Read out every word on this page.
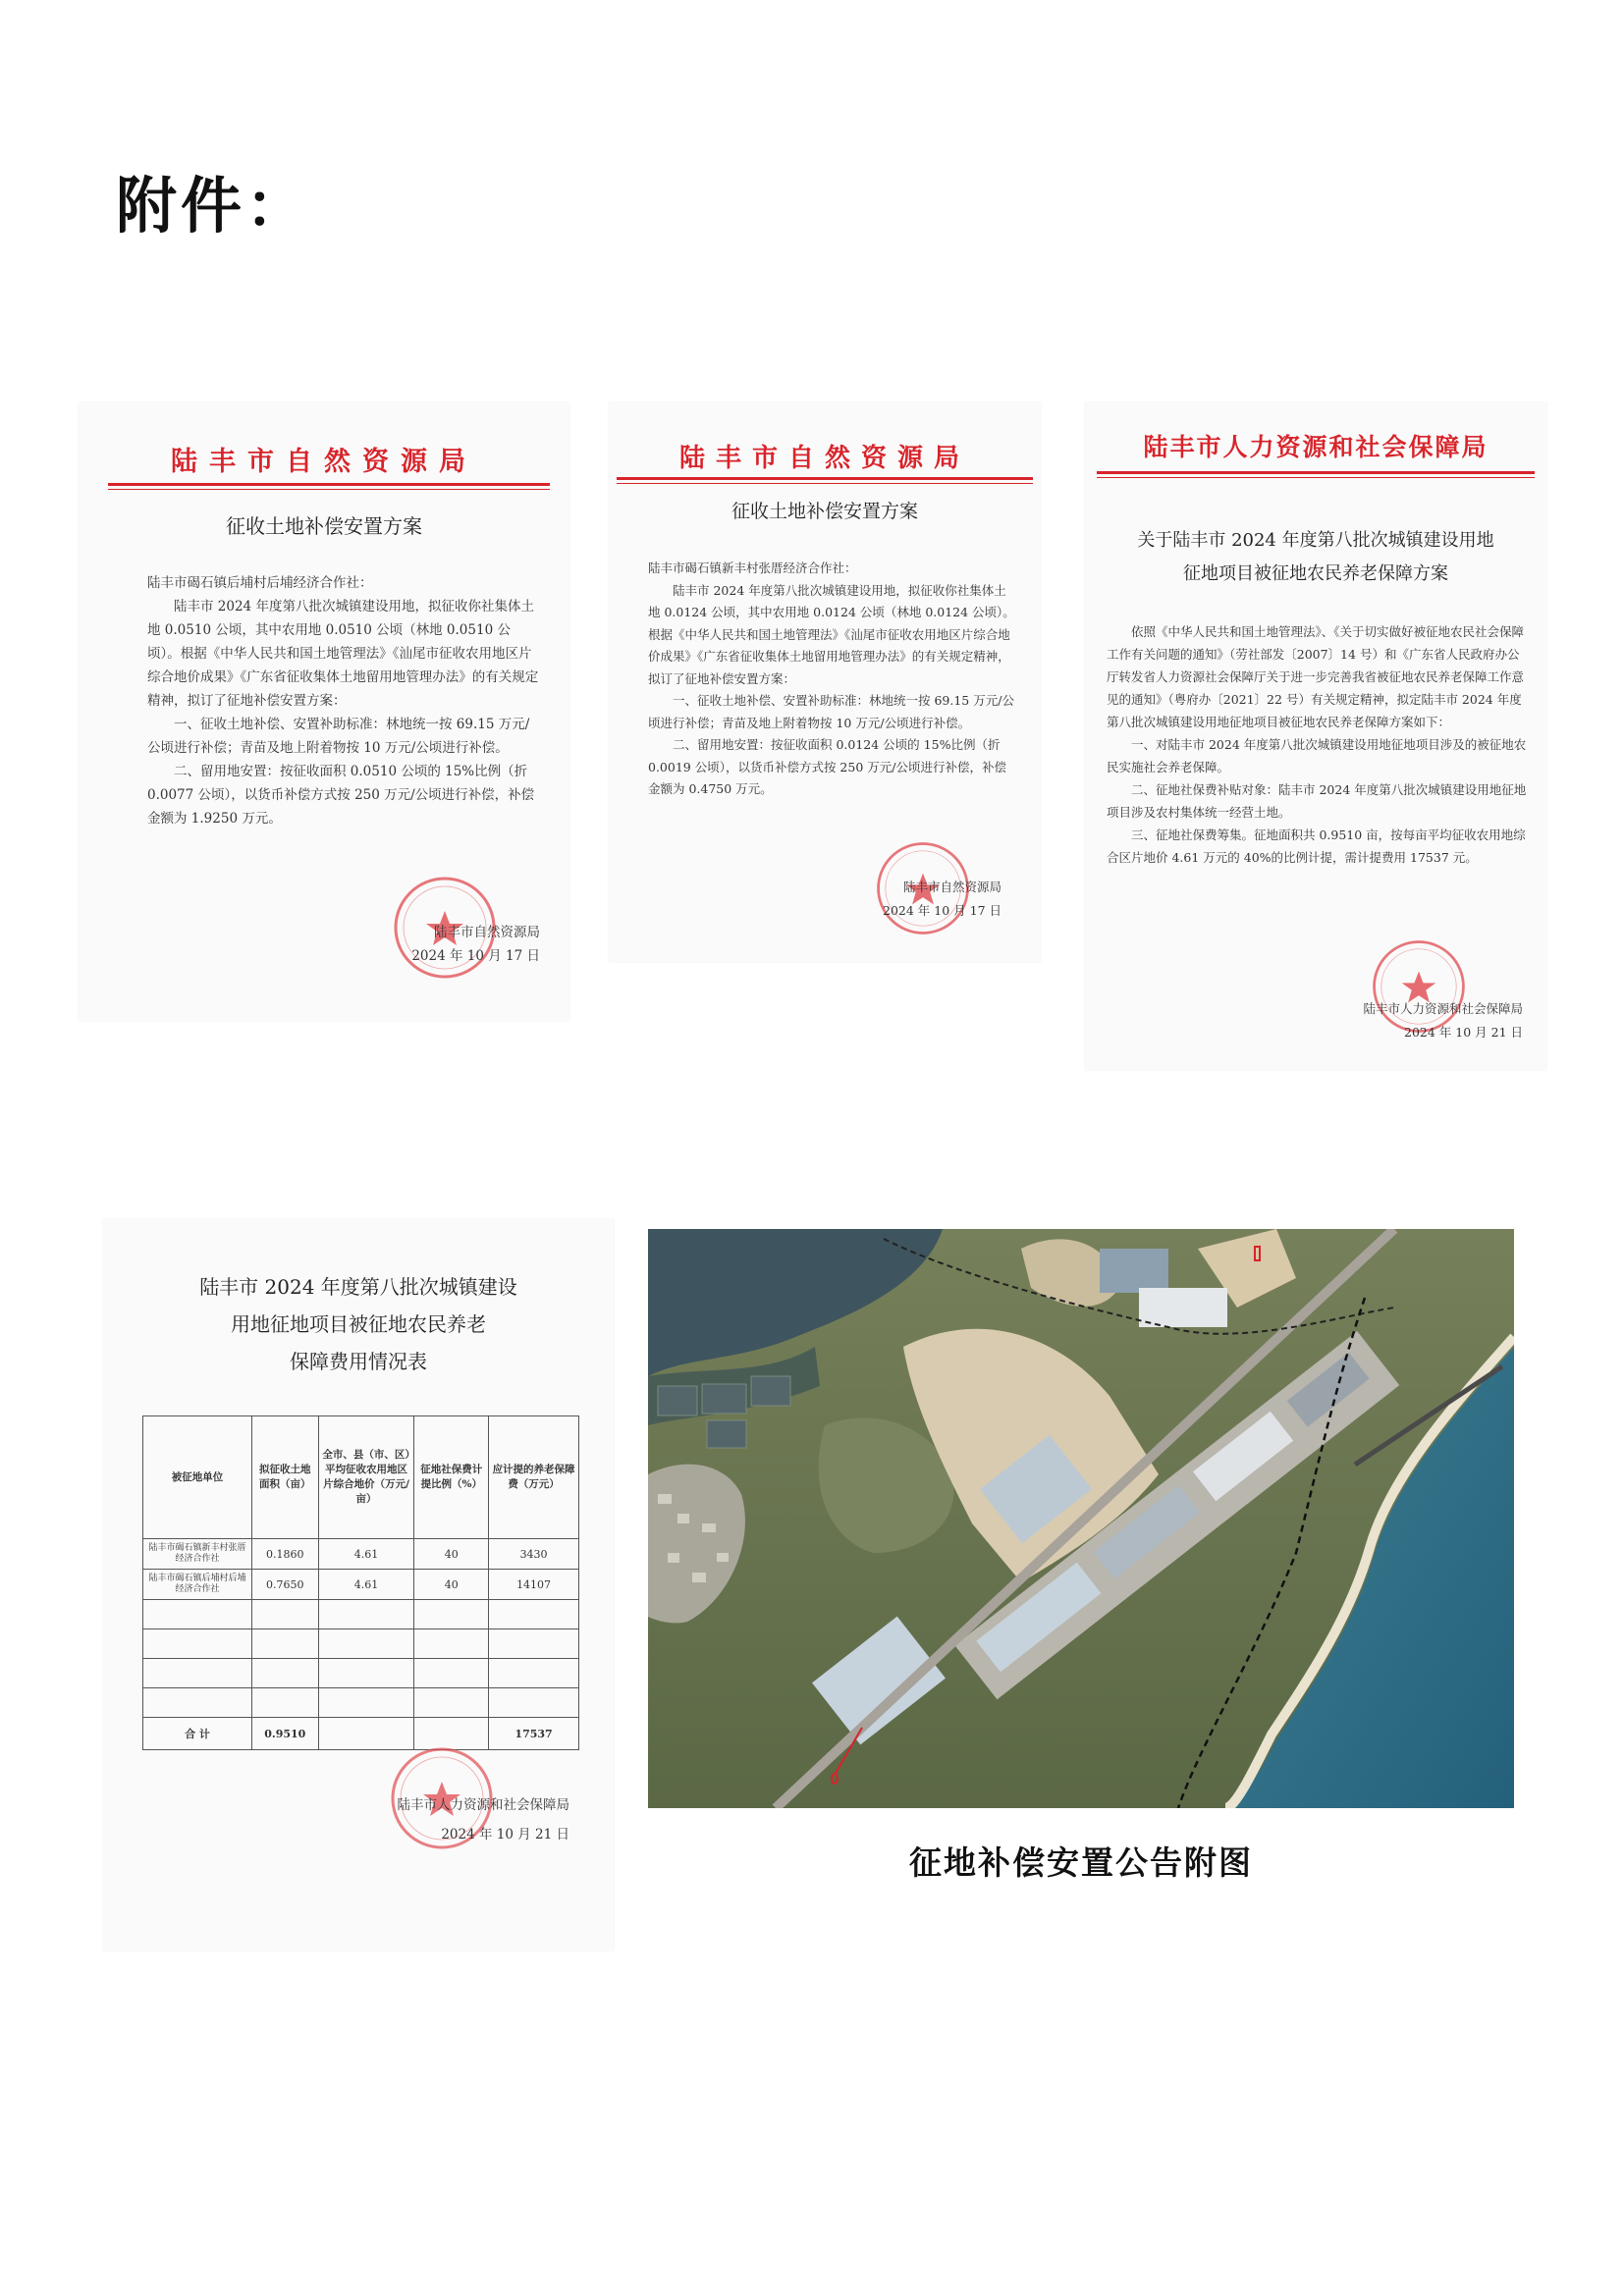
附件：
陆丰市自然资源局
征收土地补偿安置方案

陆丰市碣石镇后埔村后埔经济合作社：

陆丰市 2024 年度第八批次城镇建设用地，拟征收你社集体土地 0.0510 公顷，其中农用地 0.0510 公顷（林地 0.0510 公顷）。根据《中华人民共和国土地管理法》《汕尾市征收农用地区片综合地价成果》《广东省征收集体土地留用地管理办法》的有关规定精神，拟订了征地补偿安置方案：

一、征收土地补偿、安置补助标准：林地统一按 69.15 万元/公顷进行补偿；青苗及地上附着物按 10 万元/公顷进行补偿。

二、留用地安置：按征收面积 0.0510 公顷的 15%比例（折 0.0077 公顷），以货币补偿方式按 250 万元/公顷进行补偿，补偿金额为 1.9250 万元。

陆丰市自然资源局
2024 年 10 月 17 日
陆丰市自然资源局
征收土地补偿安置方案

陆丰市碣石镇新丰村张厝经济合作社：

陆丰市 2024 年度第八批次城镇建设用地，拟征收你社集体土地 0.0124 公顷，其中农用地 0.0124 公顷（林地 0.0124 公顷）。根据《中华人民共和国土地管理法》《汕尾市征收农用地区片综合地价成果》《广东省征收集体土地留用地管理办法》的有关规定精神，拟订了征地补偿安置方案：

一、征收土地补偿、安置补助标准：林地统一按 69.15 万元/公顷进行补偿；青苗及地上附着物按 10 万元/公顷进行补偿。

二、留用地安置：按征收面积 0.0124 公顷的 15%比例（折 0.0019 公顷），以货币补偿方式按 250 万元/公顷进行补偿，补偿金额为 0.4750 万元。

陆丰市自然资源局
2024 年 10 月 17 日
陆丰市人力资源和社会保障局
关于陆丰市 2024 年度第八批次城镇建设用地
征地项目被征地农民养老保障方案

依照《中华人民共和国土地管理法》、《关于切实做好被征地农民社会保障工作有关问题的通知》（劳社部发〔2007〕14 号）和《广东省人民政府办公厅转发省人力资源社会保障厅关于进一步完善我省被征地农民养老保障工作意见的通知》（粤府办〔2021〕22 号）有关规定精神，拟定陆丰市 2024 年度第八批次城镇建设用地征地项目被征地农民养老保障方案如下：

一、对陆丰市 2024 年度第八批次城镇建设用地征地项目涉及的被征地农民实施社会养老保障。

二、征地社保费补贴对象：陆丰市 2024 年度第八批次城镇建设用地征地项目涉及农村集体统一经营土地。

三、征地社保费筹集。征地面积共 0.9510 亩，按每亩平均征收农用地综合区片地价 4.61 万元的 40%的比例计提，需计提费用 17537 元。

陆丰市人力资源和社会保障局
2024 年 10 月 21 日
陆丰市 2024 年度第八批次城镇建设
用地征地项目被征地农民养老
保障费用情况表
被征地单位	拟征收土地面积（亩）	全市、县（市、区）平均征收农用地区片综合地价（万元/亩）	征地社保费计提比例（%）	应计提的养老保障费（万元）
陆丰市碣石镇新丰村张厝经济合作社	0.1860	4.61	40	3430
陆丰市碣石镇后埔村后埔经济合作社	0.7650	4.61	40	14107

合 计	0.9510			17537
陆丰市人力资源和社会保障局
2024 年 10 月 21 日
征地补偿安置公告附图
